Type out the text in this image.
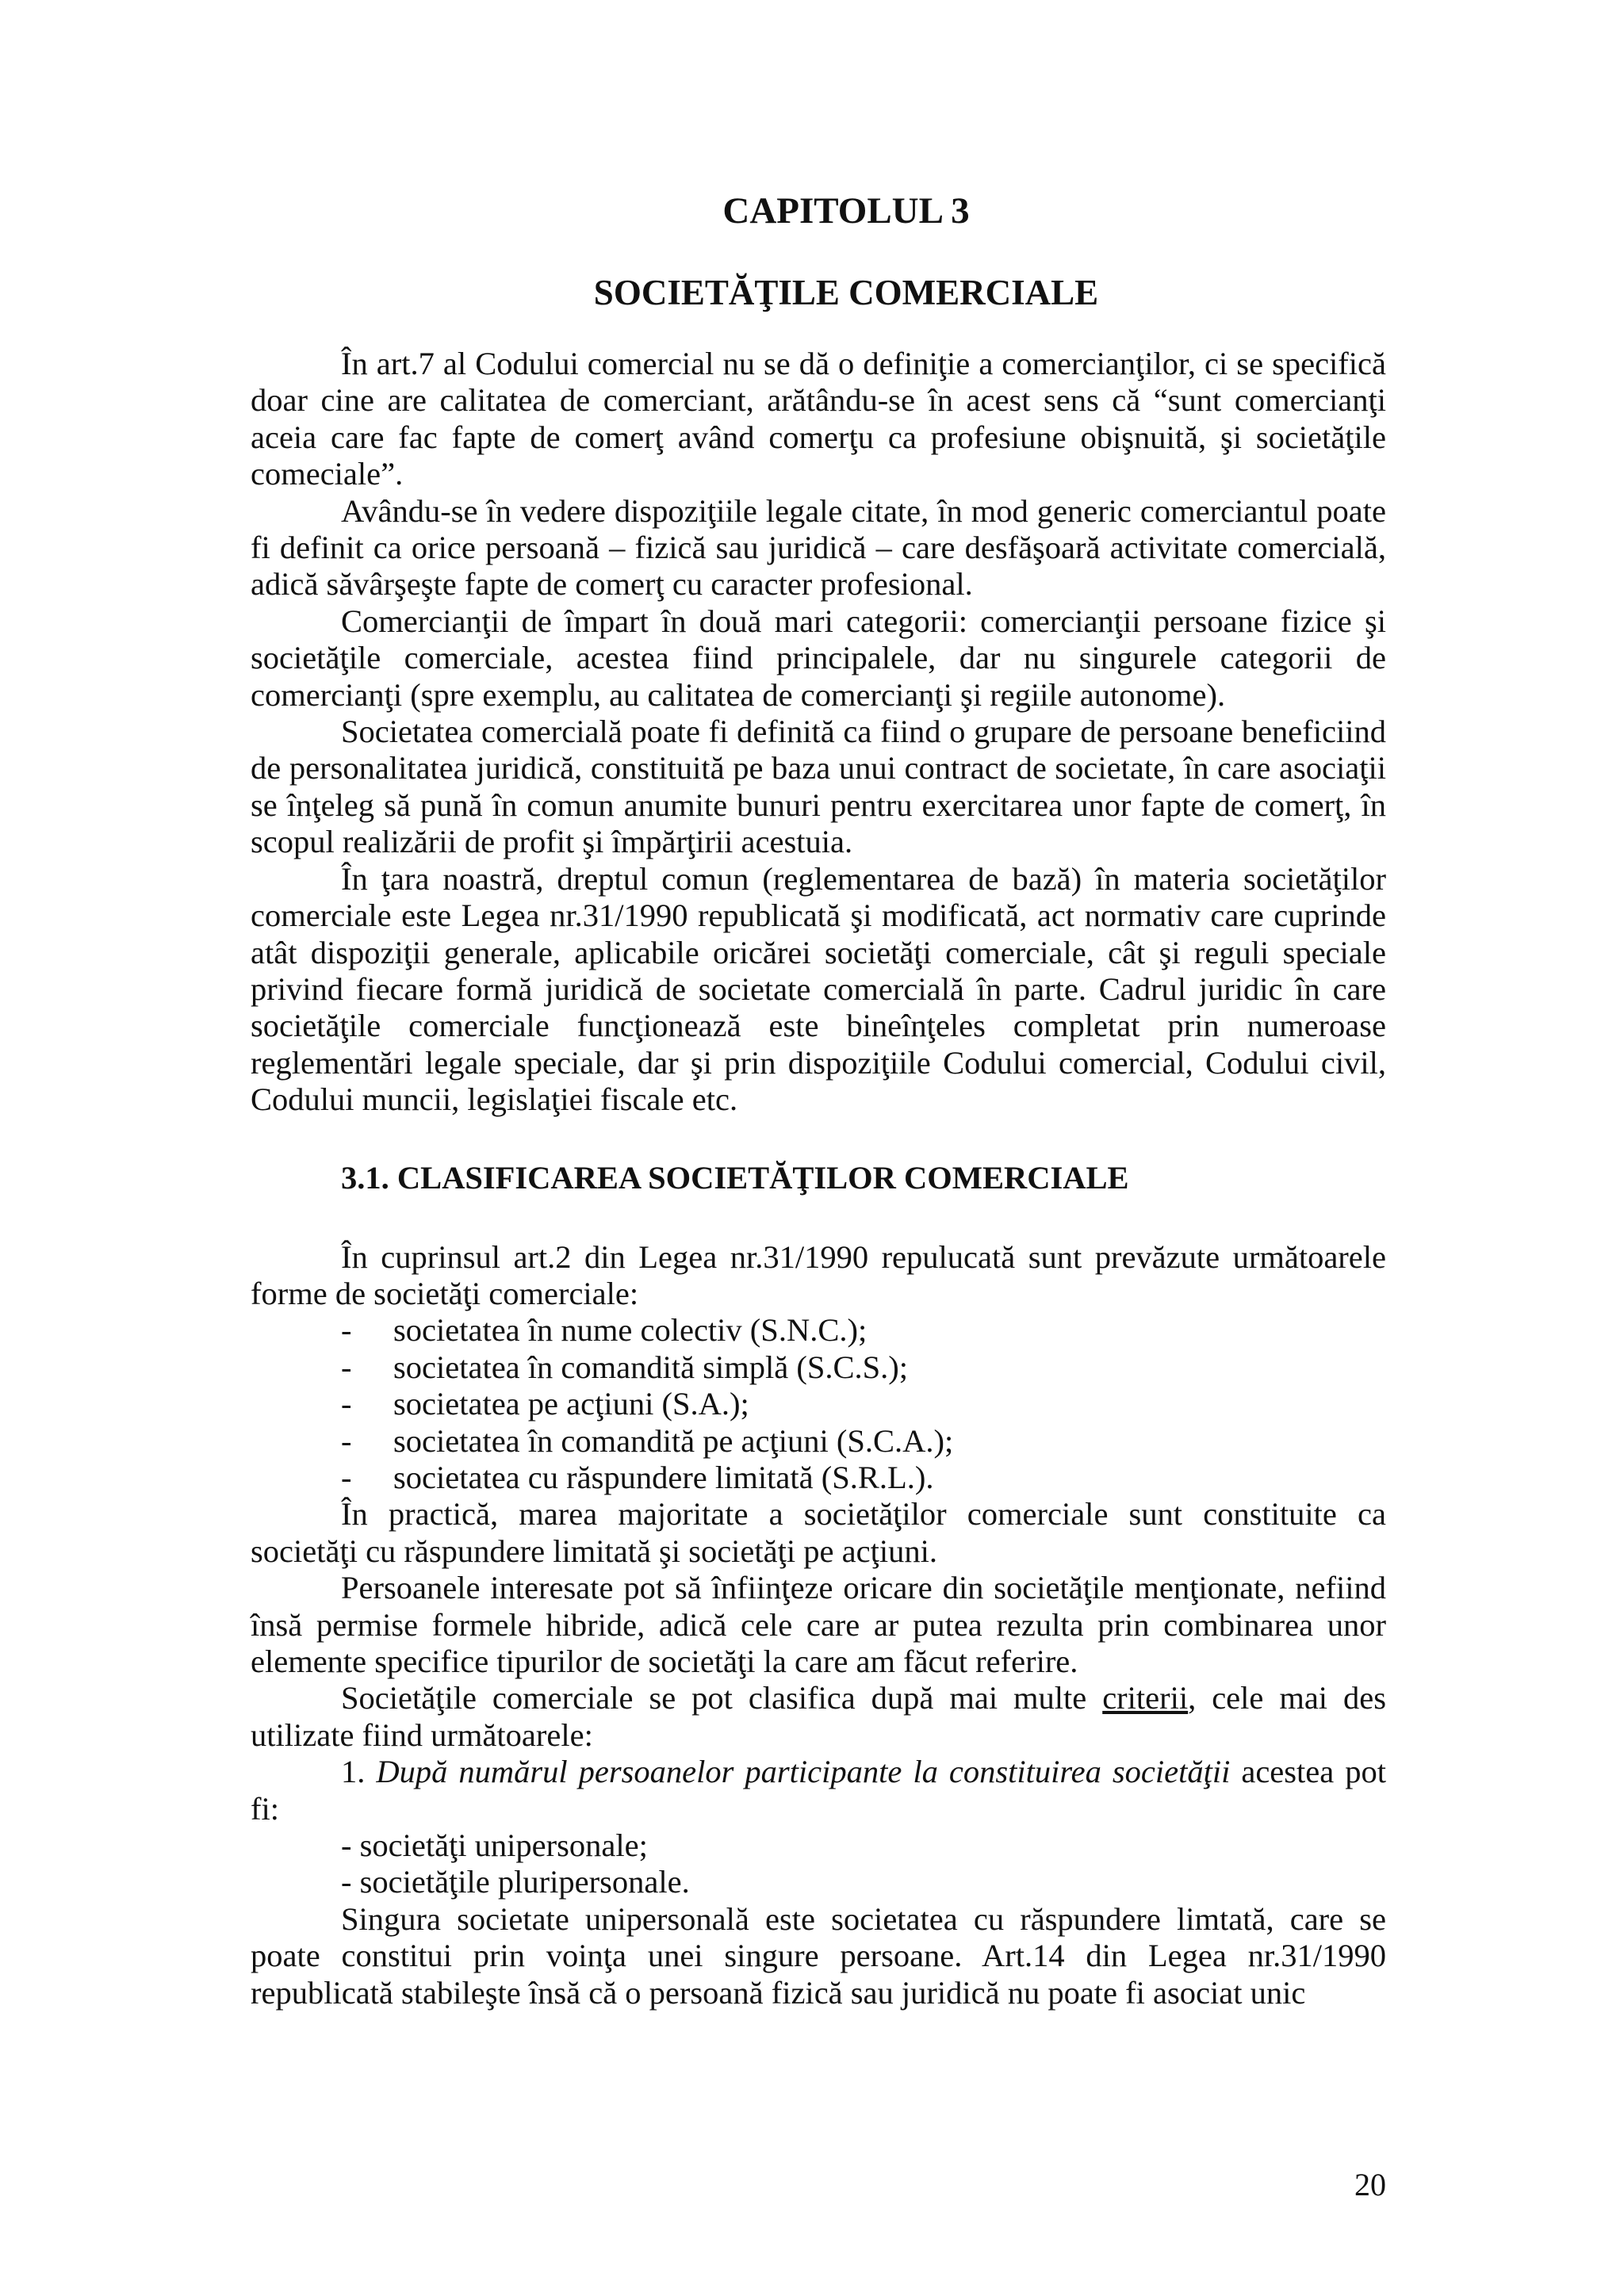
CAPITOLUL 3
SOCIETĂŢILE COMERCIALE

În art.7 al Codului comercial nu se dă o definiţie a comercianţilor, ci se specifică doar cine are calitatea de comerciant, arătându-se în acest sens că “sunt comercianţi aceia care fac fapte de comerţ având comerţu ca profesiune obişnuită, şi societăţile comeciale”.

Avându-se în vedere dispoziţiile legale citate, în mod generic comerciantul poate fi definit ca orice persoană – fizică sau juridică – care desfăşoară activitate comercială, adică săvârşeşte fapte de comerţ cu caracter profesional.

Comercianţii de împart în două mari categorii: comercianţii persoane fizice şi societăţile comerciale, acestea fiind principalele, dar nu singurele categorii de comercianţi (spre exemplu, au calitatea de comercianţi şi regiile autonome).

Societatea comercială poate fi definită ca fiind o grupare de persoane beneficiind de personalitatea juridică, constituită pe baza unui contract de societate, în care asociaţii se înţeleg să pună în comun anumite bunuri pentru exercitarea unor fapte de comerţ, în scopul realizării de profit şi împărţirii acestuia.

În ţara noastră, dreptul comun (reglementarea de bază) în materia societăţilor comerciale este Legea nr.31/1990 republicată şi modificată, act normativ care cuprinde atât dispoziţii generale, aplicabile oricărei societăţi comerciale, cât şi reguli speciale privind fiecare formă juridică de societate comercială în parte. Cadrul juridic în care societăţile comerciale funcţionează este bineînţeles completat prin numeroase reglementări legale speciale, dar şi prin dispoziţiile Codului comercial, Codului civil, Codului muncii, legislaţiei fiscale etc.

3.1. CLASIFICAREA SOCIETĂŢILOR COMERCIALE

În cuprinsul art.2 din Legea nr.31/1990 repulucată sunt prevăzute următoarele forme de societăţi comerciale:

-	societatea în nume colectiv (S.N.C.);
-	societatea în comandită simplă (S.C.S.);
-	societatea pe acţiuni (S.A.);
-	societatea în comandită pe acţiuni (S.C.A.);
-	societatea cu răspundere limitată (S.R.L.).

În practică, marea majoritate a societăţilor comerciale sunt constituite ca societăţi cu răspundere limitată şi societăţi pe acţiuni.

Persoanele interesate pot să înfiinţeze oricare din societăţile menţionate, nefiind însă permise formele hibride, adică cele care ar putea rezulta prin combinarea unor elemente specifice tipurilor de societăţi la care am făcut referire.

Societăţile comerciale se pot clasifica după mai multe criterii, cele mai des utilizate fiind următoarele:

1. După numărul persoanelor participante la constituirea societăţii acestea pot fi:

- societăţi unipersonale;

- societăţile pluripersonale.

Singura societate unipersonală este societatea cu răspundere limtată, care se poate constitui prin voinţa unei singure persoane. Art.14 din Legea nr.31/1990 republicată stabileşte însă că o persoană fizică sau juridică nu poate fi asociat unic

20
